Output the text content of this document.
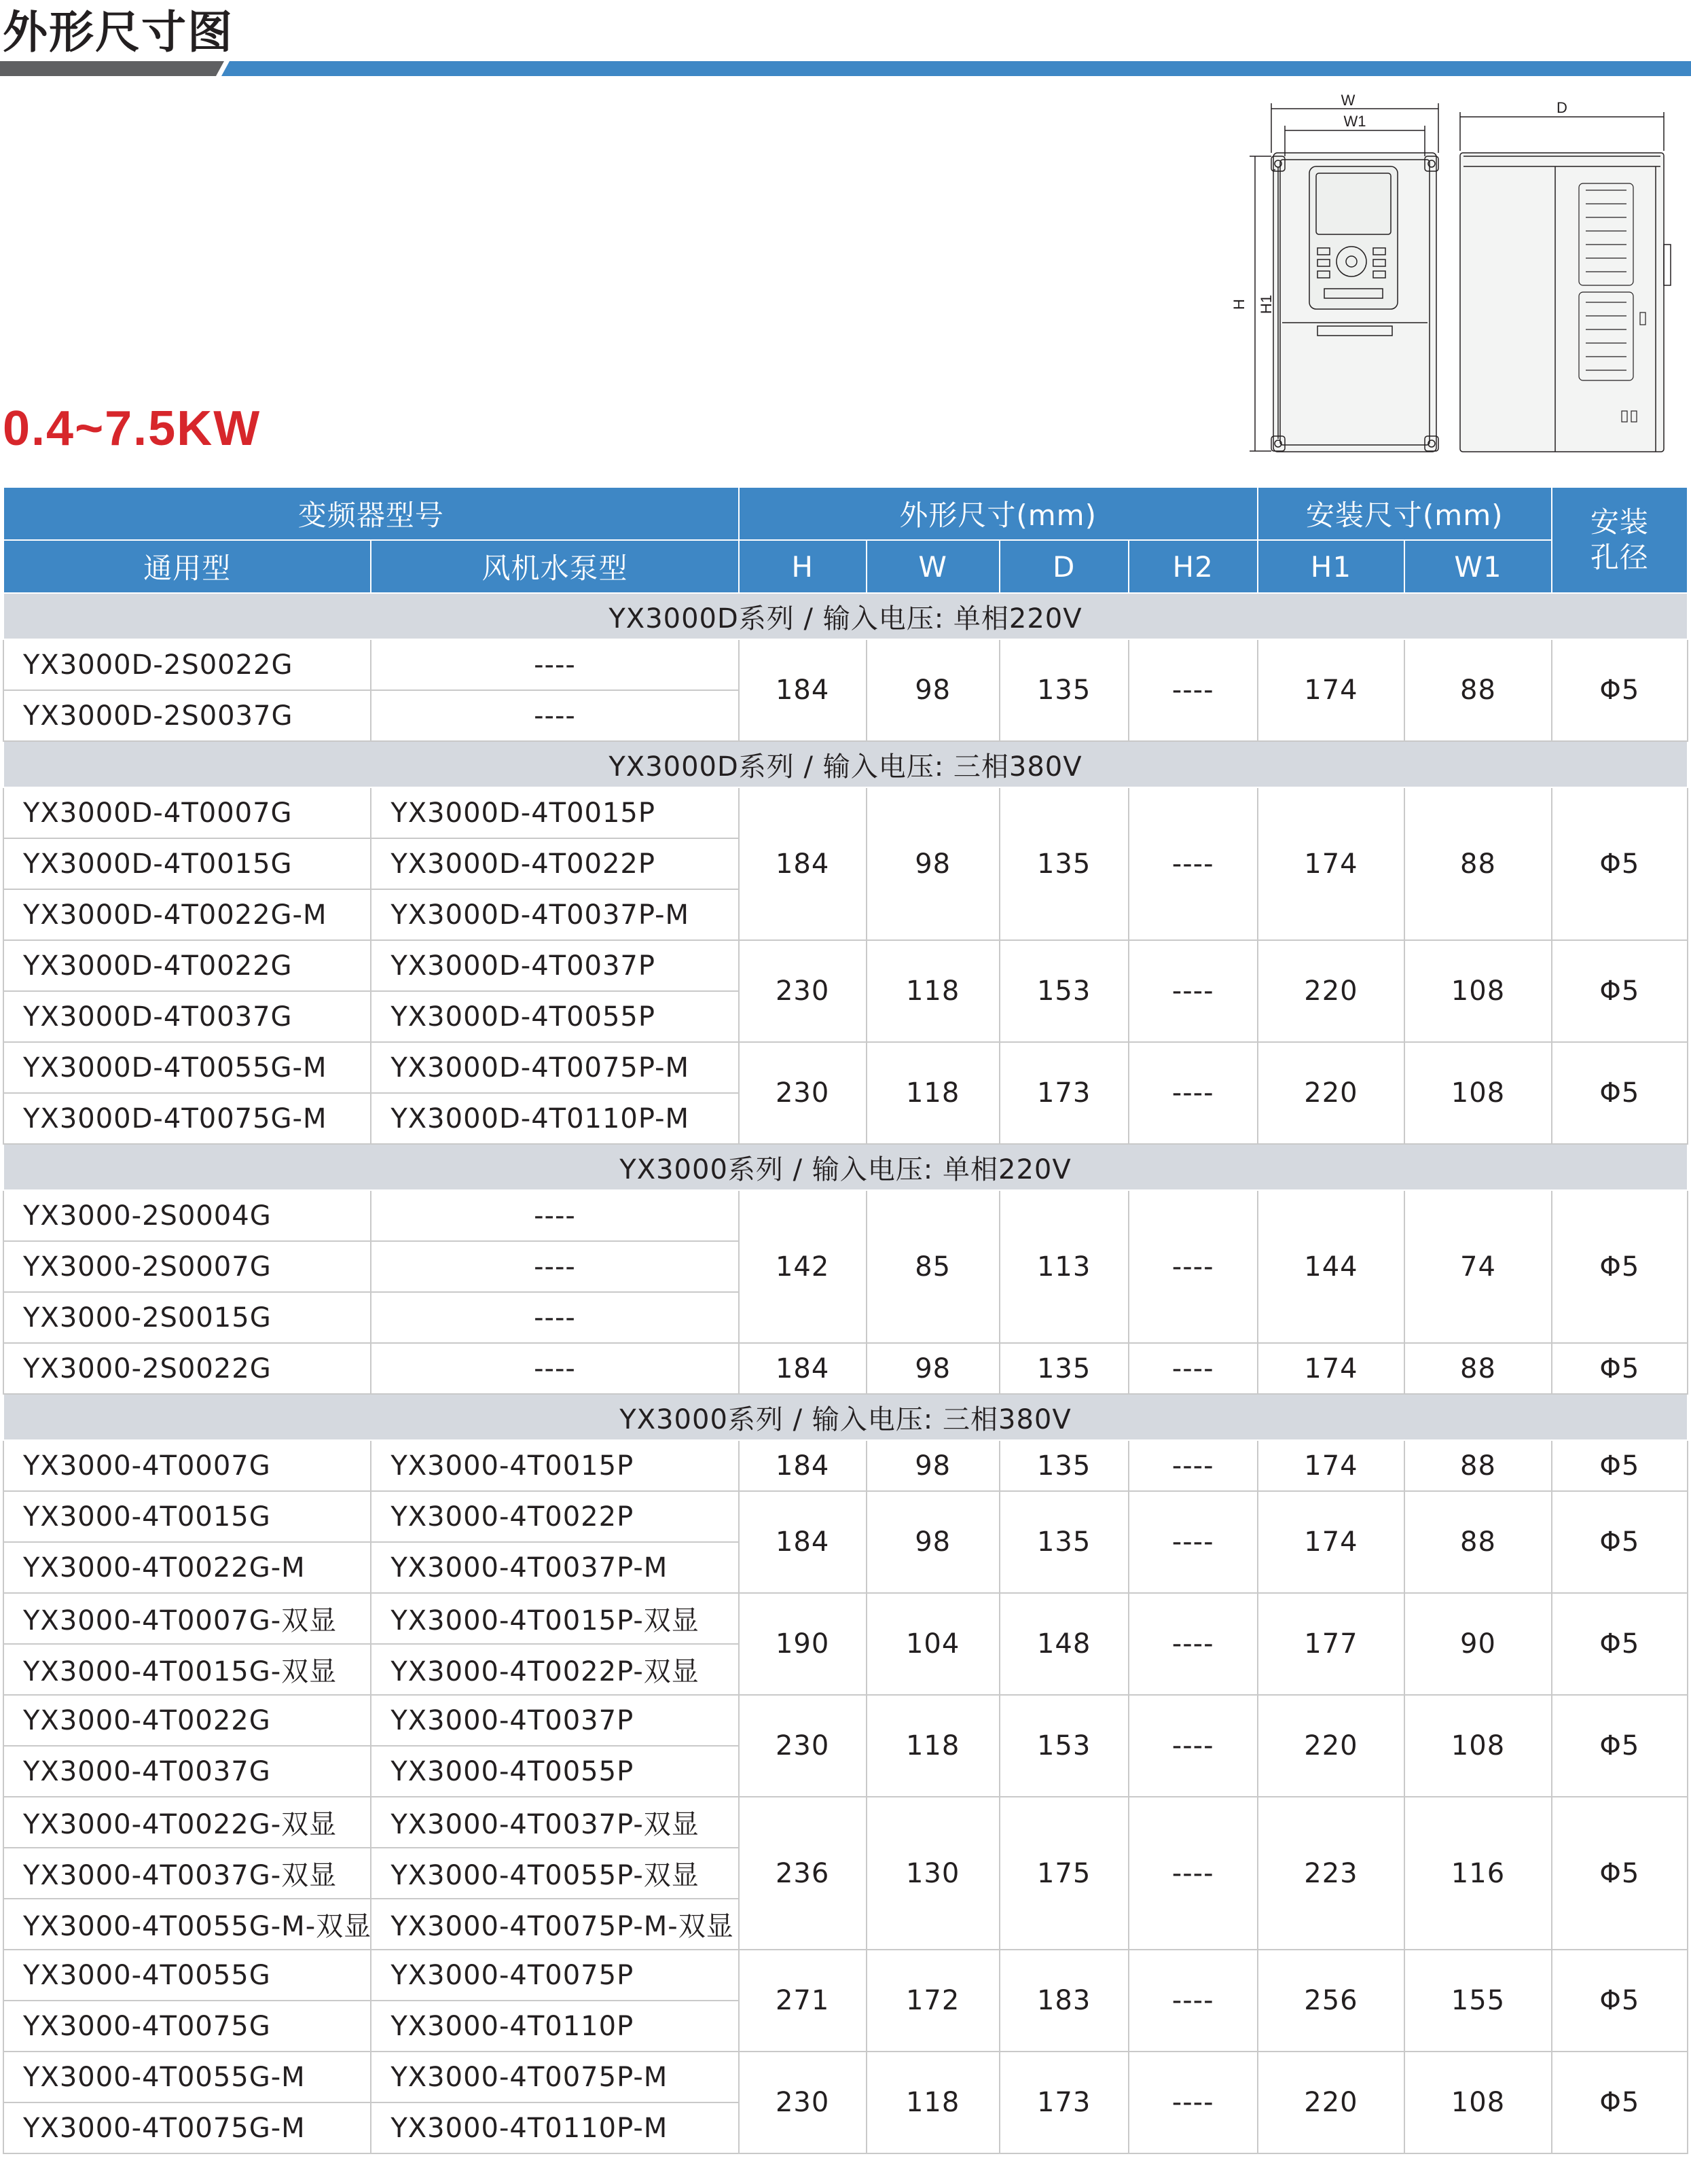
外形尺寸图
0.4~7.5KW
W
W1
D
H H1
变频器型号		外形尺寸(mm)				安装尺寸(mm)		安装孔径
通用型	风机水泵型	H	W	D	H2	H1	W1	
YX3000D系列 / 输入电压: 单相220V								
YX3000D-2S0022G	----	184	98	135	----	174	88	Φ5
YX3000D-2S0037G	----							
YX3000D系列 / 输入电压: 三相380V								
YX3000D-4T0007G	YX3000D-4T0015P	184	98	135	----	174	88	Φ5
YX3000D-4T0015G	YX3000D-4T0022P							
YX3000D-4T0022G-M	YX3000D-4T0037P-M							
YX3000D-4T0022G	YX3000D-4T0037P	230	118	153	----	220	108	Φ5
YX3000D-4T0037G	YX3000D-4T0055P							
YX3000D-4T0055G-M	YX3000D-4T0075P-M	230	118	173	----	220	108	Φ5
YX3000D-4T0075G-M	YX3000D-4T0110P-M							
YX3000系列 / 输入电压: 单相220V								
YX3000-2S0004G	----	142	85	113	----	144	74	Φ5
YX3000-2S0007G	----							
YX3000-2S0015G	----							
YX3000-2S0022G	----	184	98	135	----	174	88	Φ5
YX3000系列 / 输入电压: 三相380V								
YX3000-4T0007G	YX3000-4T0015P	184	98	135	----	174	88	Φ5
YX3000-4T0015G	YX3000-4T0022P	184	98	135	----	174	88	Φ5
YX3000-4T0022G-M	YX3000-4T0037P-M							
YX3000-4T0007G-双显	YX3000-4T0015P-双显	190	104	148	----	177	90	Φ5
YX3000-4T0015G-双显	YX3000-4T0022P-双显							
YX3000-4T0022G	YX3000-4T0037P	230	118	153	----	220	108	Φ5
YX3000-4T0037G	YX3000-4T0055P							
YX3000-4T0022G-双显	YX3000-4T0037P-双显	236	130	175	----	223	116	Φ5
YX3000-4T0037G-双显	YX3000-4T0055P-双显							
YX3000-4T0055G-M-双显	YX3000-4T0075P-M-双显							
YX3000-4T0055G	YX3000-4T0075P	271	172	183	----	256	155	Φ5
YX3000-4T0075G	YX3000-4T0110P							
YX3000-4T0055G-M	YX3000-4T0075P-M	230	118	173	----	220	108	Φ5
YX3000-4T0075G-M	YX3000-4T0110P-M							
